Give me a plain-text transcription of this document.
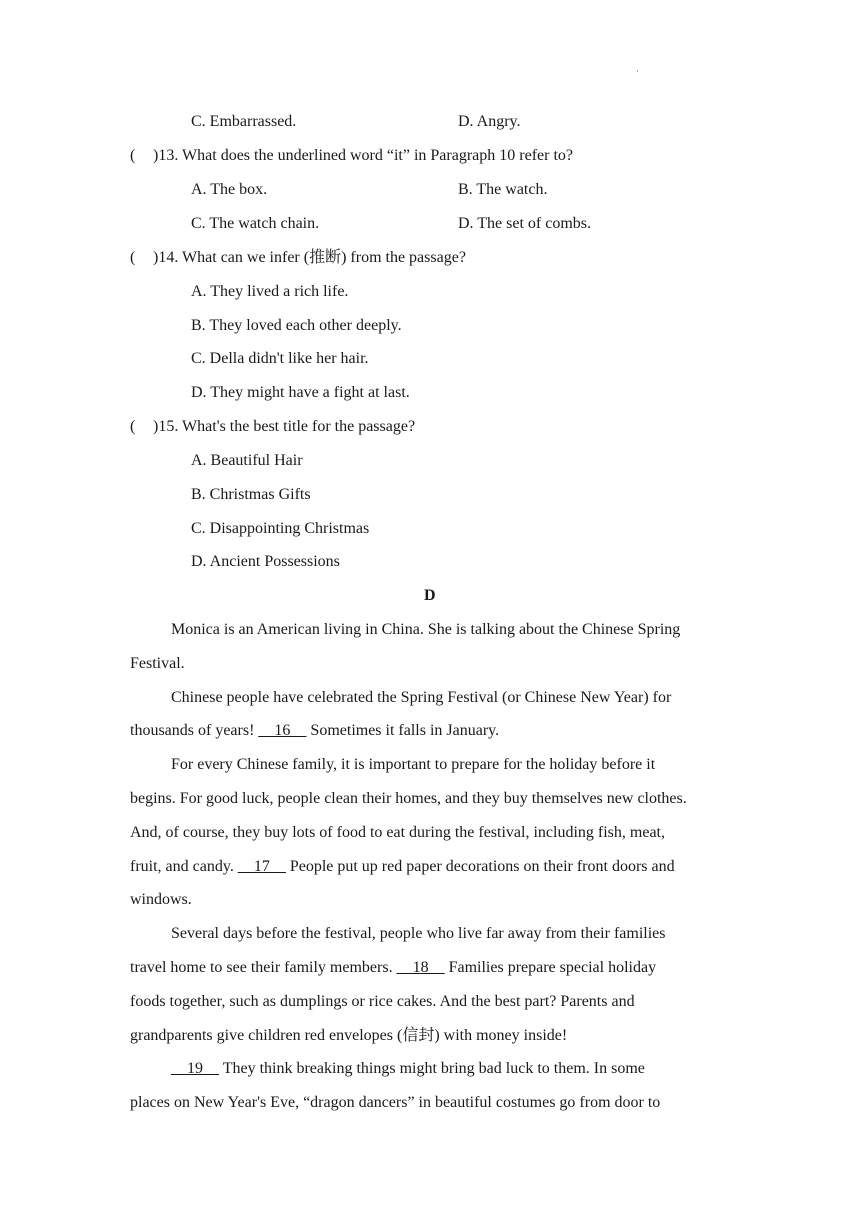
·
C. Embarrassed.	D. Angry.
( )13. What does the underlined word “it” in Paragraph 10 refer to?
A. The box.	B. The watch.
C. The watch chain.	D. The set of combs.
( )14. What can we infer (推断) from the passage?
A. They lived a rich life.
B. They loved each other deeply.
C. Della didn't like her hair.
D. They might have a fight at last.
( )15. What's the best title for the passage?
A. Beautiful Hair
B. Christmas Gifts
C. Disappointing Christmas
D. Ancient Possessions
D
Monica is an American living in China. She is talking about the Chinese Spring
Festival.
Chinese people have celebrated the Spring Festival (or Chinese New Year) for
thousands of years! __16__ Sometimes it falls in January.
For every Chinese family, it is important to prepare for the holiday before it
begins. For good luck, people clean their homes, and they buy themselves new clothes.
And, of course, they buy lots of food to eat during the festival, including fish, meat,
fruit, and candy. __17__ People put up red paper decorations on their front doors and
windows.
Several days before the festival, people who live far away from their families
travel home to see their family members. __18__ Families prepare special holiday
foods together, such as dumplings or rice cakes. And the best part? Parents and
grandparents give children red envelopes (信封) with money inside!
__19__ They think breaking things might bring bad luck to them. In some
places on New Year's Eve, “dragon dancers” in beautiful costumes go from door to
